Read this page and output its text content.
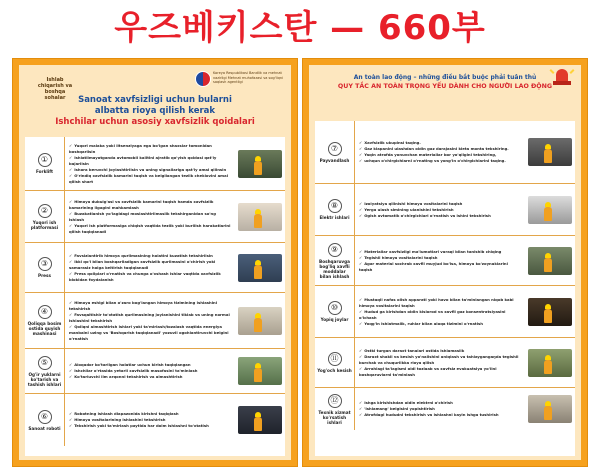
우즈베키스탄 — 660부
Ishlab
chiqarish va
boshqa
sohalar
Koreya Respublikasi Bandlik va mehnat vazirligi Mehnat muhofazasi va sog'liqni saqlash agentligi
Sanoat xavfsizligi uchun bularni
albatta rioya qilish kerak
Ishchilar uchun asosiy xavfsizlik qoidalari
①
Forklift
✓ Yuqori malaka yoki litsenziyaga ega bo'lgan shaxslar tomonidan boshqarilsin
✓ Ishlatilmayotganda avtomobil kalitini ajratib qo'yish qoidasi qat'iy bajarilsin
✓ Ishora beruvchi joylashtirilsin va uning signallariga qat'iy amal qilinsin
✓ O'rindiq xavfsizlik kamarini taqish va belgilangan tezlik cheklovini amal qilish shart
②
Yuqori ish platformasi
✓ Himoya dubulg'asi va xavfsizlik kamarini taqish hamda xavfsizlik kamarining ilgagini mahkamlash
✓ Buzakatlanish yo'lagidagi moslashtirilmaslik tekshirganidan so'ng ishlash
✓ Yuqori ish platformasiga chiqish vaqtida tezlik yoki burilish harakatlarini qilish taqiqlanadi
③
Press
✓ Favsizlantirib himoya qurilmasining holatini kuzatish tekshirilsin
✓ Ikki qo'l bilan boshqariladigan xavfsizlik qurilmasini o'chirish yoki samarasiz holga keltirish taqiqlanadi
✓ Press qoliplari o'rnatish va chunga o'xshash ishlar vaqtida xavfsizlik blokidan foydalanish
④
Qoliqqa bosim ostida quyish mashinasi
✓ Himoya eshigi bilan o'zaro bog'langan himoya tizimining ishlashini tekshirish
✓ Favsqaltishir to'xtatish qurilmasining joylanishini tiklab va uning normal ishlashini tekshirish
✓ Qoliqni almashtirish ishlari yoki ta'mirlash/tozalash vaqtida energiya manbaini uzing va 'Boshqarish taqiqlanadi' yozuvli ogohlantiruvchi belgini o'rnatish
⑤
Og'ir yuklarni ko'tarish va tashish ishlari
✓ Aloqador ko'tarilgan holatlar uchun kirish taqiqlangan
✓ Ishchilar o'rtasida yetarli xavfsizlik masofasini ta'minlash
✓ Ko'tariuvchi ilm arqonni tekshirish va almashtirish
⑥
Sanoat roboti
✓ Robotning ishlash diapazonida kirishni taqiqlash
✓ Himoya vositalarining ishlashini tekshirish
✓ Tekshirish yoki ta'mirlash paytida har doim ishlashni to'xtatish
An toàn lao động – những điều bắt buộc phải tuân thủ
QUY TẮC AN TOÀN TRỌNG YẾU DÀNH CHO NGƯỜI LAO ĐỘNG
⑦
Payvandlash
✓ Xavfsizlik ukupinsi taqing.
✓ Gaz klapanini ulashdan oldin gaz darajasini kieta monta tekshiring.
✓ Yaqin atrofda yonuvchan materiallar bor yo'qligini tekshiring,
✓ uchqun o'chirgichlarni o'rnating va yong'in o'chirgichlarini taqing.
⑧
Elektr ishlari
✓ Izolyatsiya qilinishi himoya vositalarini taqish
✓ Yerga ulash simining ulanishini tekshirish
✓ Ogish avtomatik o'chirgichlari o'rnatish va ishini tekshirish
⑨
Boshqaruvga bog'liq xavfli moddalar bilan ishlash
✓ Materiallar xavfsizligi ma'lumotlari varaqi bilan tanishib chiqing
✓ Tegishli himoya vositalarini taqish
✓ Agar material sochrab xavfli muyjud bo'lsa, himoya ko'zoynaklarini taqish
⑩
Yopiq joylar
✓ Mustaqil nafas olish apparati yoki havo bilan ta'minlangan niqob kabi himoya vositalarini taqish
✓ Hudud ga kirishdan oldin kislorod va xavfli gaz konsentratsiyasini o'lchash
✓ Yoqg'in ishlatmalik, ruhlar bilan aloqa tizimini o'rnatish
⑪
Yog'och kesish
✓ Ostki turgan daraxt tanalari ostida ishlamaslik
✓ Daraxt shakli va kesish yo'nalishini aniqlash va tahlaygangaŋda tegishli burchak va chuqurlikka rioya qilish
✓ Arrahlagi ta'lagismi oldi tozlaab va xavfsiz evakuatsiya yo'lini boshqaruvlarni ta'minlash
⑫
Texnik xizmat ko'rsatish ishlari
✓ Ishga kirishishdan oldin elektrni o'chirish
✓ 'Ishlamang' belgisini yopishtirish
✓ Atrofdagi hududni tekshirish va ishlashni kayin ishga tushirish
